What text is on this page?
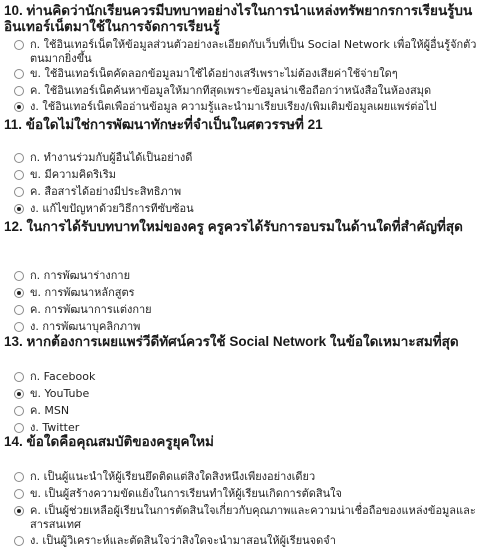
10. ท่านคิดว่านักเรียนควรมีบทบาทอย่างไรในการนำแหล่งทรัพยากรการเรียนรู้บนอินเทอร์เน็ตมาใช้ในการจัดการเรียนรู้
ก. ใช้อินเทอร์เน็ตให้ข้อมูลส่วนตัวอย่างละเอียดกับเว็บที่เป็น Social Network เพื่อให้ผู้อื่นรู้จักตัวตนมากยิ่งขึ้น
ข. ใช้อินเทอร์เน็ตคัดลอกข้อมูลมาใช้ได้อย่างเสรีเพราะไม่ต้องเสียค่าใช้จ่ายใดๆ
ค. ใช้อินเทอร์เน็ตค้นหาข้อมูลให้มากที่สุดเพราะข้อมูลน่าเชื่อถือกว่าหนังสือในห้องสมุด
ง. ใช้อินเทอร์เน็ตเพื่ออ่านข้อมูล ความรู้และนำมาเรียบเรียง/เพิ่มเติมข้อมูลเผยแพร่ต่อไป
11. ข้อใดไม่ใช่การพัฒนาทักษะที่จำเป็นในศตวรรษที่ 21
ก. ทำงานร่วมกับผู้อื่นได้เป็นอย่างดี
ข. มีความคิดริเริ่ม
ค. สื่อสารได้อย่างมีประสิทธิภาพ
ง. แก้ไขปัญหาด้วยวิธีการที่ซับซ้อน
12. ในการได้รับบทบาทใหม่ของครู ครูควรได้รับการอบรมในด้านใดที่สำคัญที่สุด
ก. การพัฒนาร่างกาย
ข. การพัฒนาหลักสูตร
ค. การพัฒนาการแต่งกาย
ง. การพัฒนาบุคลิกภาพ
13. หากต้องการเผยแพร่วีดีทัศน์ควรใช้ Social Network ในข้อใดเหมาะสมที่สุด
ก. Facebook
ข. YouTube
ค. MSN
ง. Twitter
14. ข้อใดคือคุณสมบัติของครูยุคใหม่
ก. เป็นผู้แนะนำให้ผู้เรียนยึดติดแต่สิ่งใดสิ่งหนึ่งเพียงอย่างเดียว
ข. เป็นผู้สร้างความขัดแย้งในการเรียนทำให้ผู้เรียนเกิดการตัดสินใจ
ค. เป็นผู้ช่วยเหลือผู้เรียนในการตัดสินใจเกี่ยวกับคุณภาพและความน่าเชื่อถือของแหล่งข้อมูลและสารสนเทศ
ง. เป็นผู้วิเคราะห์และตัดสินใจว่าสิ่งใดจะนำมาสอนให้ผู้เรียนจดจำ
